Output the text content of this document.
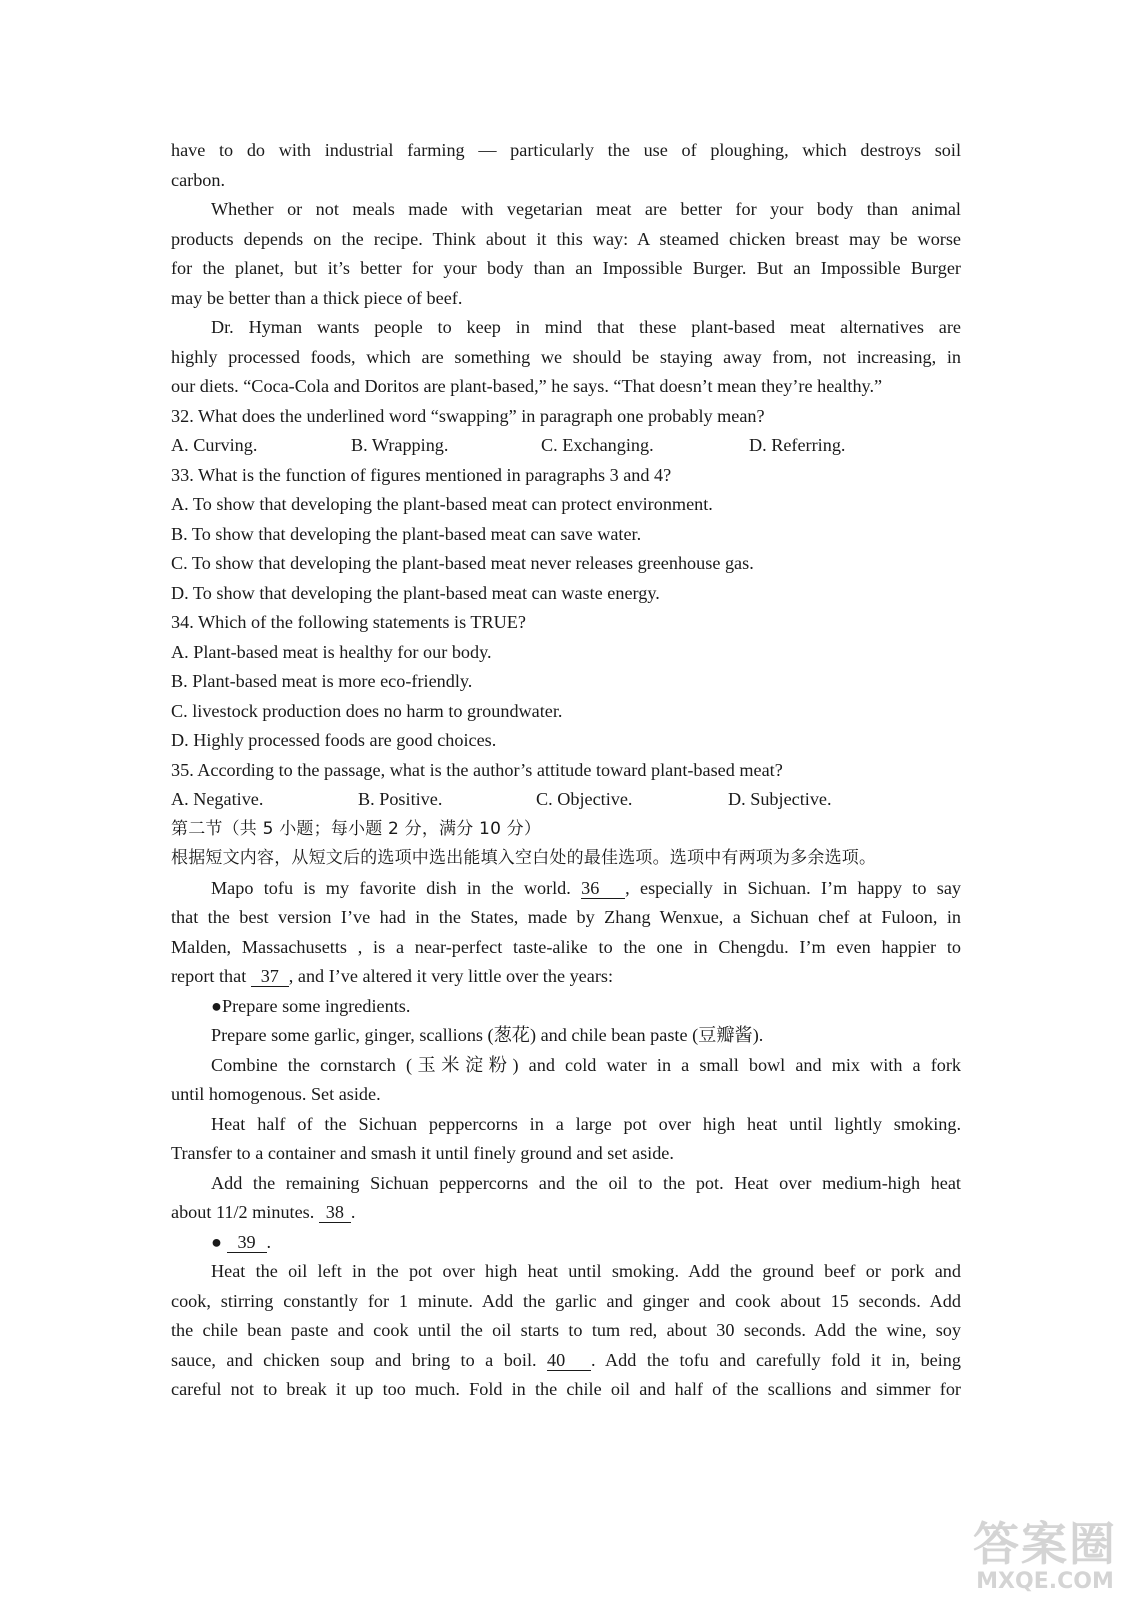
have to do with industrial farming — particularly the use of ploughing, which destroys soil
carbon.
Whether or not meals made with vegetarian meat are better for your body than animal
products depends on the recipe. Think about it this way: A steamed chicken breast may be worse
for the planet, but it’s better for your body than an Impossible Burger. But an Impossible Burger
may be better than a thick piece of beef.
Dr. Hyman wants people to keep in mind that these plant-based meat alternatives are
highly processed foods, which are something we should be staying away from, not increasing, in
our diets. “Coca-Cola and Doritos are plant-based,” he says. “That doesn’t mean they’re healthy.”
32. What does the underlined word “swapping” in paragraph one probably mean?
A. Curving.	B. Wrapping.	C. Exchanging.	D. Referring.
33. What is the function of figures mentioned in paragraphs 3 and 4?
A. To show that developing the plant-based meat can protect environment.
B. To show that developing the plant-based meat can save water.
C. To show that developing the plant-based meat never releases greenhouse gas.
D. To show that developing the plant-based meat can waste energy.
34. Which of the following statements is TRUE?
A. Plant-based meat is healthy for our body.
B. Plant-based meat is more eco-friendly.
C. livestock production does no harm to groundwater.
D. Highly processed foods are good choices.
35. According to the passage, what is the author’s attitude toward plant-based meat?
A. Negative.	B. Positive.	C. Objective.	D. Subjective.
第二节（共 5 小题；每小题 2 分，满分 10 分）
根据短文内容，从短文后的选项中选出能填入空白处的最佳选项。选项中有两项为多余选项。
Mapo tofu is my favorite dish in the world. 36 , especially in Sichuan. I’m happy to say
that the best version I’ve had in the States, made by Zhang Wenxue, a Sichuan chef at Fuloon, in
Malden, Massachusetts , is a near-perfect taste-alike to the one in Chengdu. I’m even happier to
report that 37 , and I’ve altered it very little over the years:
●Prepare some ingredients.
Prepare some garlic, ginger, scallions (葱花) and chile bean paste (豆瓣酱).
Combine the cornstarch (玉米淀粉) and cold water in a small bowl and mix with a fork
until homogenous. Set aside.
Heat half of the Sichuan peppercorns in a large pot over high heat until lightly smoking.
Transfer to a container and smash it until finely ground and set aside.
Add the remaining Sichuan peppercorns and the oil to the pot. Heat over medium-high heat
about 11/2 minutes. 38 .
● 39 .
Heat the oil left in the pot over high heat until smoking. Add the ground beef or pork and
cook, stirring constantly for 1 minute. Add the garlic and ginger and cook about 15 seconds. Add
the chile bean paste and cook until the oil starts to tum red, about 30 seconds. Add the wine, soy
sauce, and chicken soup and bring to a boil. 40 . Add the tofu and carefully fold it in, being
careful not to break it up too much. Fold in the chile oil and half of the scallions and simmer for
答案圈
MXQE.COM
